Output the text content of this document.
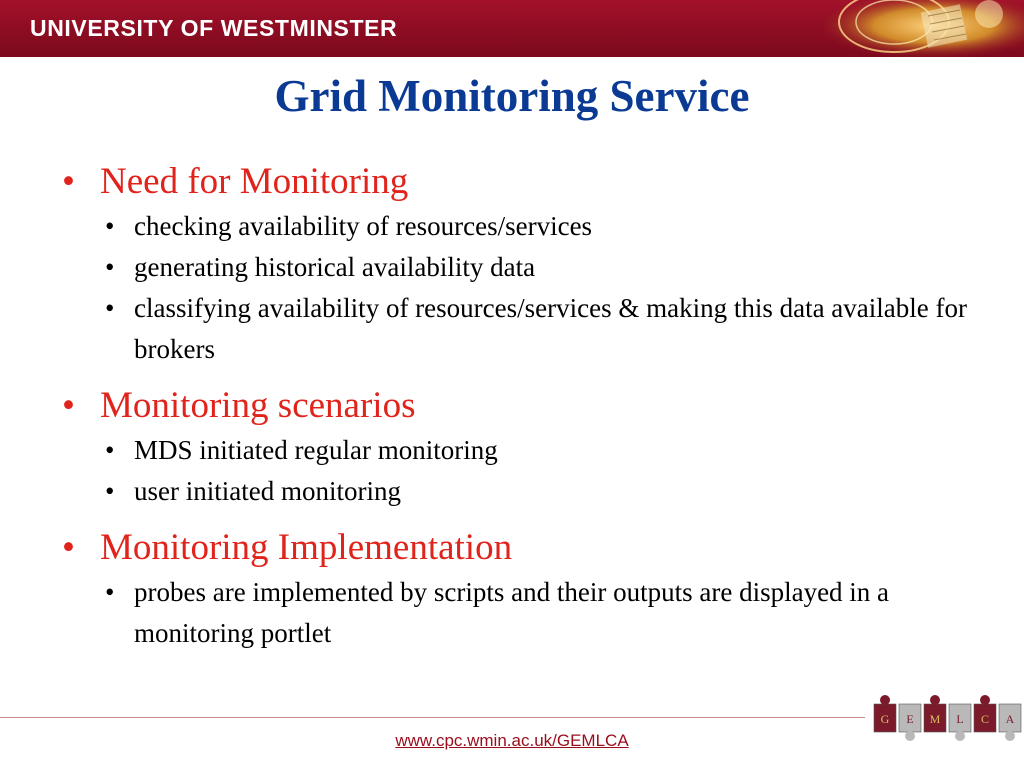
UNIVERSITY OF WESTMINSTER
Grid Monitoring Service
• Need for Monitoring
• checking availability of resources/services
• generating historical availability data
• classifying availability of resources/services & making this data available for brokers
• Monitoring scenarios
• MDS initiated regular monitoring
• user initiated monitoring
• Monitoring Implementation
• probes are implemented by scripts and their outputs are displayed in a monitoring portlet
www.cpc.wmin.ac.uk/GEMLCA
G E M L C A
